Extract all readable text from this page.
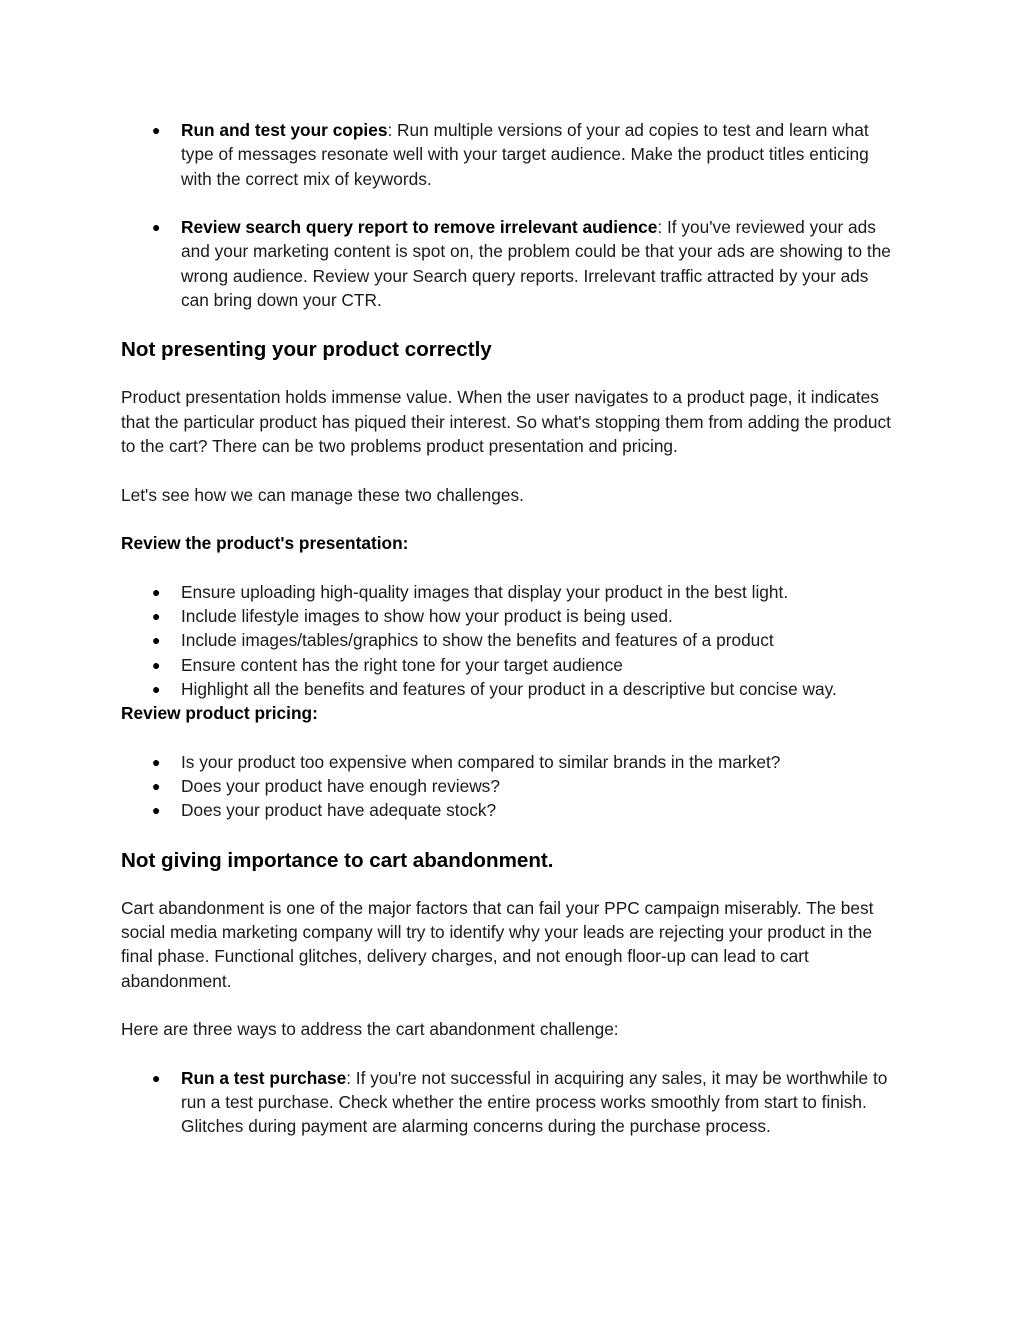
● Run and test your copies: Run multiple versions of your ad copies to test and learn what type of messages resonate well with your target audience. Make the product titles enticing with the correct mix of keywords.
● Review search query report to remove irrelevant audience: If you've reviewed your ads and your marketing content is spot on, the problem could be that your ads are showing to the wrong audience. Review your Search query reports. Irrelevant traffic attracted by your ads can bring down your CTR.
Not presenting your product correctly

Product presentation holds immense value. When the user navigates to a product page, it indicates that the particular product has piqued their interest. So what's stopping them from adding the product to the cart? There can be two problems product presentation and pricing.

Let's see how we can manage these two challenges.

Review the product's presentation:

● Ensure uploading high-quality images that display your product in the best light.
● Include lifestyle images to show how your product is being used.
● Include images/tables/graphics to show the benefits and features of a product
● Ensure content has the right tone for your target audience
● Highlight all the benefits and features of your product in a descriptive but concise way.

Review product pricing:

● Is your product too expensive when compared to similar brands in the market?
● Does your product have enough reviews?
● Does your product have adequate stock?
Not giving importance to cart abandonment.

Cart abandonment is one of the major factors that can fail your PPC campaign miserably. The best social media marketing company will try to identify why your leads are rejecting your product in the final phase. Functional glitches, delivery charges, and not enough floor-up can lead to cart abandonment.

Here are three ways to address the cart abandonment challenge:

● Run a test purchase: If you're not successful in acquiring any sales, it may be worthwhile to run a test purchase. Check whether the entire process works smoothly from start to finish. Glitches during payment are alarming concerns during the purchase process.
